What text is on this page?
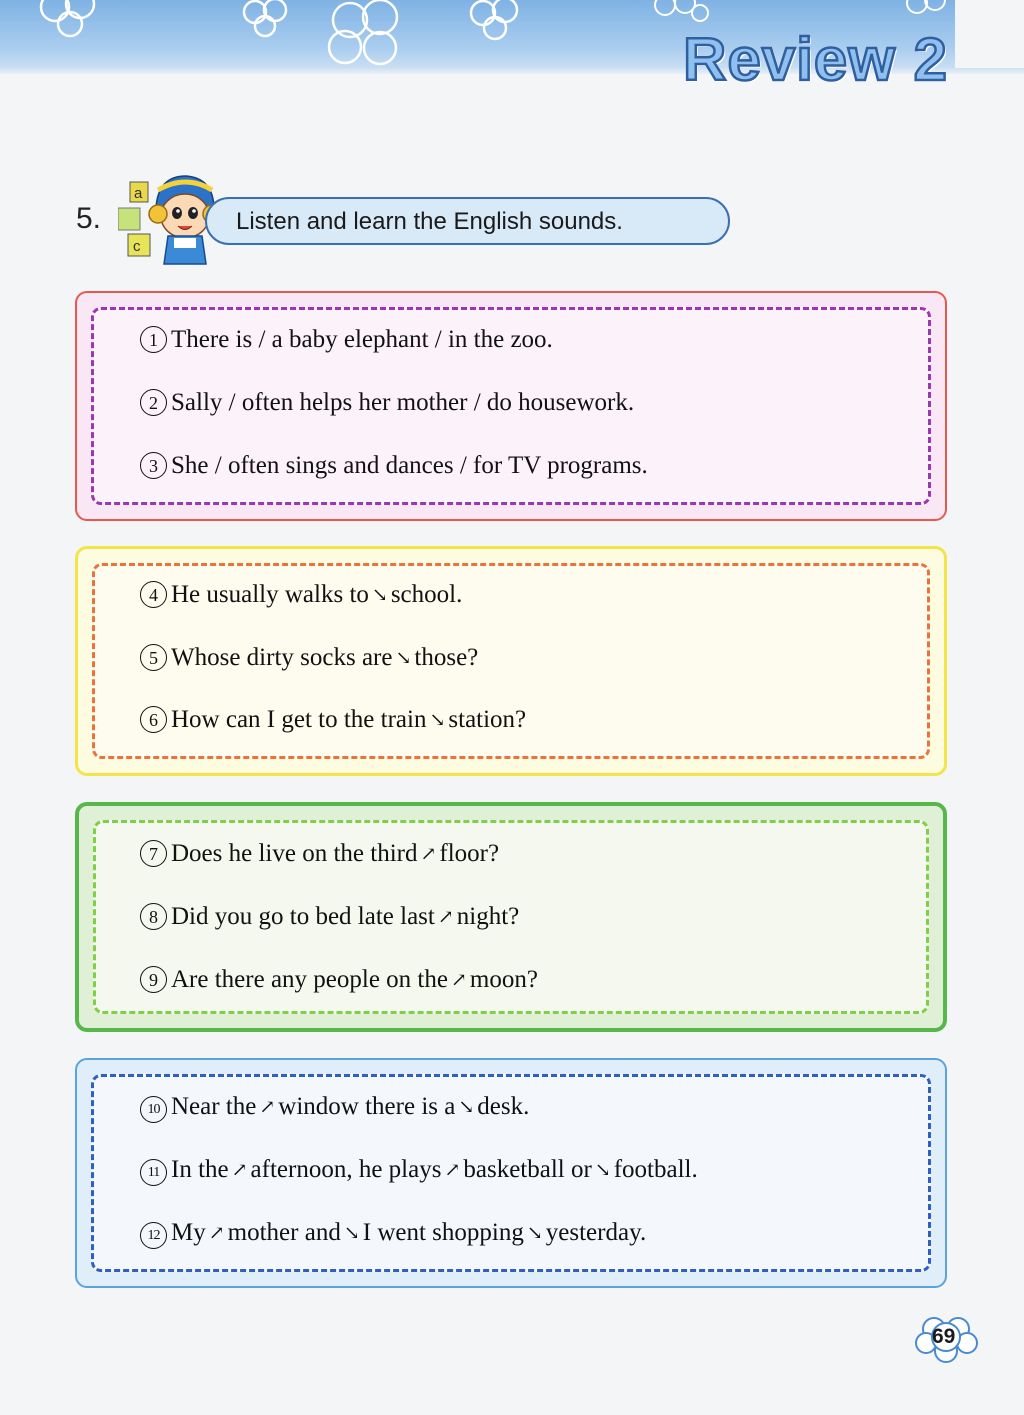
Review 2
5.
a
c
Listen and learn the English sounds.
1 There is / a baby elephant / in the zoo.
2 Sally / often helps her mother / do housework.
3 She / often sings and dances / for TV programs.
4 He usually walks to ↘ school.
5 Whose dirty socks are ↘ those?
6 How can I get to the train ↘ station?
7 Does he live on the third ↗ floor?
8 Did you go to bed late last ↗ night?
9 Are there any people on the ↗ moon?
10 Near the ↗ window there is a ↘ desk.
11 In the ↗ afternoon, he plays ↗ basketball or ↘ football.
12 My ↗ mother and ↘ I went shopping ↘ yesterday.
69
